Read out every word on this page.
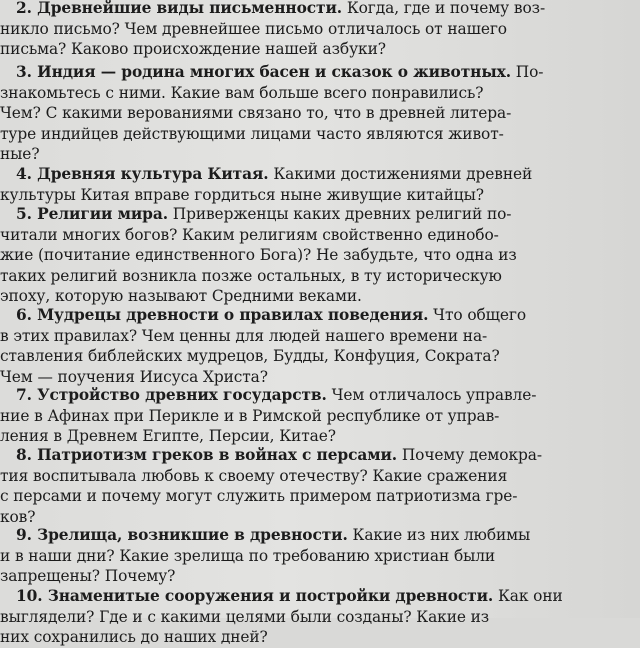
2. Древнейшие виды письменности. Когда, где и почему воз-
никло письмо? Чем древнейшее письмо отличалось от нашего
письма? Каково происхождение нашей азбуки?
3. Индия — родина многих басен и сказок о животных. По-
знакомьтесь с ними. Какие вам больше всего понравились?
Чем? С какими верованиями связано то, что в древней литера-
туре индийцев действующими лицами часто являются живот-
ные?
4. Древняя культура Китая. Какими достижениями древней
культуры Китая вправе гордиться ныне живущие китайцы?
5. Религии мира. Приверженцы каких древних религий по-
читали многих богов? Каким религиям свойственно единобо-
жие (почитание единственного Бога)? Не забудьте, что одна из
таких религий возникла позже остальных, в ту историческую
эпоху, которую называют Средними веками.
6. Мудрецы древности о правилах поведения. Что общего
в этих правилах? Чем ценны для людей нашего времени на-
ставления библейских мудрецов, Будды, Конфуция, Сократа?
Чем — поучения Иисуса Христа?
7. Устройство древних государств. Чем отличалось управле-
ние в Афинах при Перикле и в Римской республике от управ-
ления в Древнем Египте, Персии, Китае?
8. Патриотизм греков в войнах с персами. Почему демокра-
тия воспитывала любовь к своему отечеству? Какие сражения
с персами и почему могут служить примером патриотизма гре-
ков?
9. Зрелища, возникшие в древности. Какие из них любимы
и в наши дни? Какие зрелища по требованию христиан были
запрещены? Почему?
10. Знаменитые сооружения и постройки древности. Как они
выглядели? Где и с какими целями были созданы? Какие из
них сохранились до наших дней?
